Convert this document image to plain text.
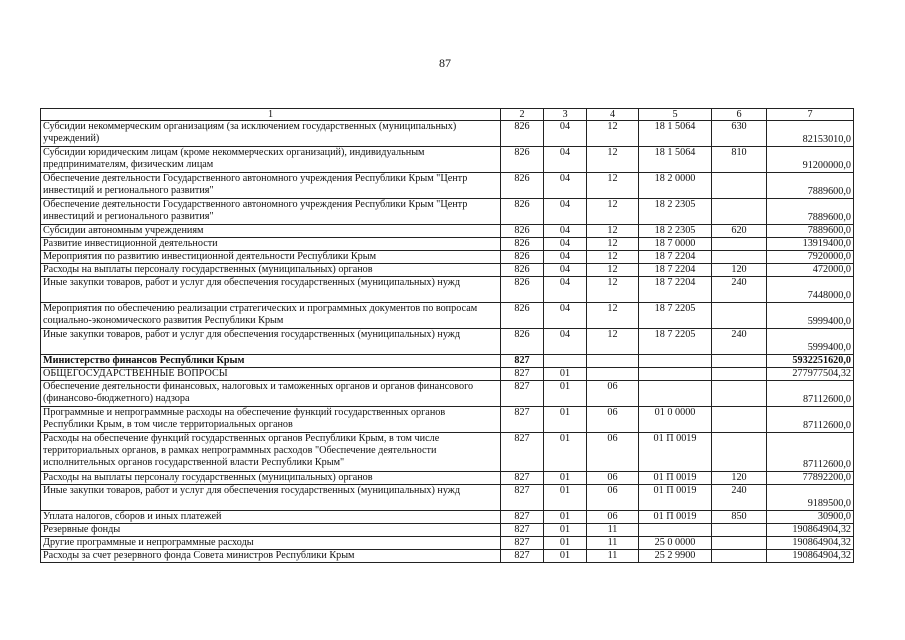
87
1	2	3	4	5	6	7
Субсидии некоммерческим организациям (за исключением государственных (муниципальных) учреждений)	826	04	12	18 1 5064	630	82153010,0
Субсидии юридическим лицам (кроме некоммерческих организаций), индивидуальным предпринимателям, физическим лицам	826	04	12	18 1 5064	810	91200000,0
Обеспечение деятельности Государственного автономного учреждения Республики Крым "Центр инвестиций и регионального развития"	826	04	12	18 2 0000		7889600,0
Обеспечение деятельности Государственного автономного учреждения Республики Крым "Центр инвестиций и регионального развития"	826	04	12	18 2 2305		7889600,0
Субсидии автономным учреждениям	826	04	12	18 2 2305	620	7889600,0
Развитие инвестиционной деятельности	826	04	12	18 7 0000		13919400,0
Мероприятия по развитию инвестиционной деятельности Республики Крым	826	04	12	18 7 2204		7920000,0
Расходы на выплаты персоналу государственных (муниципальных) органов	826	04	12	18 7 2204	120	472000,0
Иные закупки товаров, работ и услуг для обеспечения государственных (муниципальных) нужд	826	04	12	18 7 2204	240	7448000,0
Мероприятия по обеспечению реализации стратегических и программных документов по вопросам социально-экономического развития Республики Крым	826	04	12	18 7 2205		5999400,0
Иные закупки товаров, работ и услуг для обеспечения государственных (муниципальных) нужд	826	04	12	18 7 2205	240	5999400,0
Министерство финансов Республики Крым	827					5932251620,0
ОБЩЕГОСУДАРСТВЕННЫЕ ВОПРОСЫ	827	01				277977504,32
Обеспечение деятельности финансовых, налоговых и таможенных органов и органов финансового (финансово-бюджетного) надзора	827	01	06			87112600,0
Программные и непрограммные расходы на обеспечение функций государственных органов Республики Крым, в том числе территориальных органов	827	01	06	01 0 0000		87112600,0
Расходы на обеспечение функций государственных органов Республики Крым, в том числе территориальных органов, в рамках непрограммных расходов "Обеспечение деятельности исполнительных органов государственной власти Республики Крым"	827	01	06	01 П 0019		87112600,0
Расходы на выплаты персоналу государственных (муниципальных) органов	827	01	06	01 П 0019	120	77892200,0
Иные закупки товаров, работ и услуг для обеспечения государственных (муниципальных) нужд	827	01	06	01 П 0019	240	9189500,0
Уплата налогов, сборов и иных платежей	827	01	06	01 П 0019	850	30900,0
Резервные фонды	827	01	11			190864904,32
Другие программные и непрограммные расходы	827	01	11	25 0 0000		190864904,32
Расходы за счет резервного фонда Совета министров Республики Крым	827	01	11	25 2 9900		190864904,32
